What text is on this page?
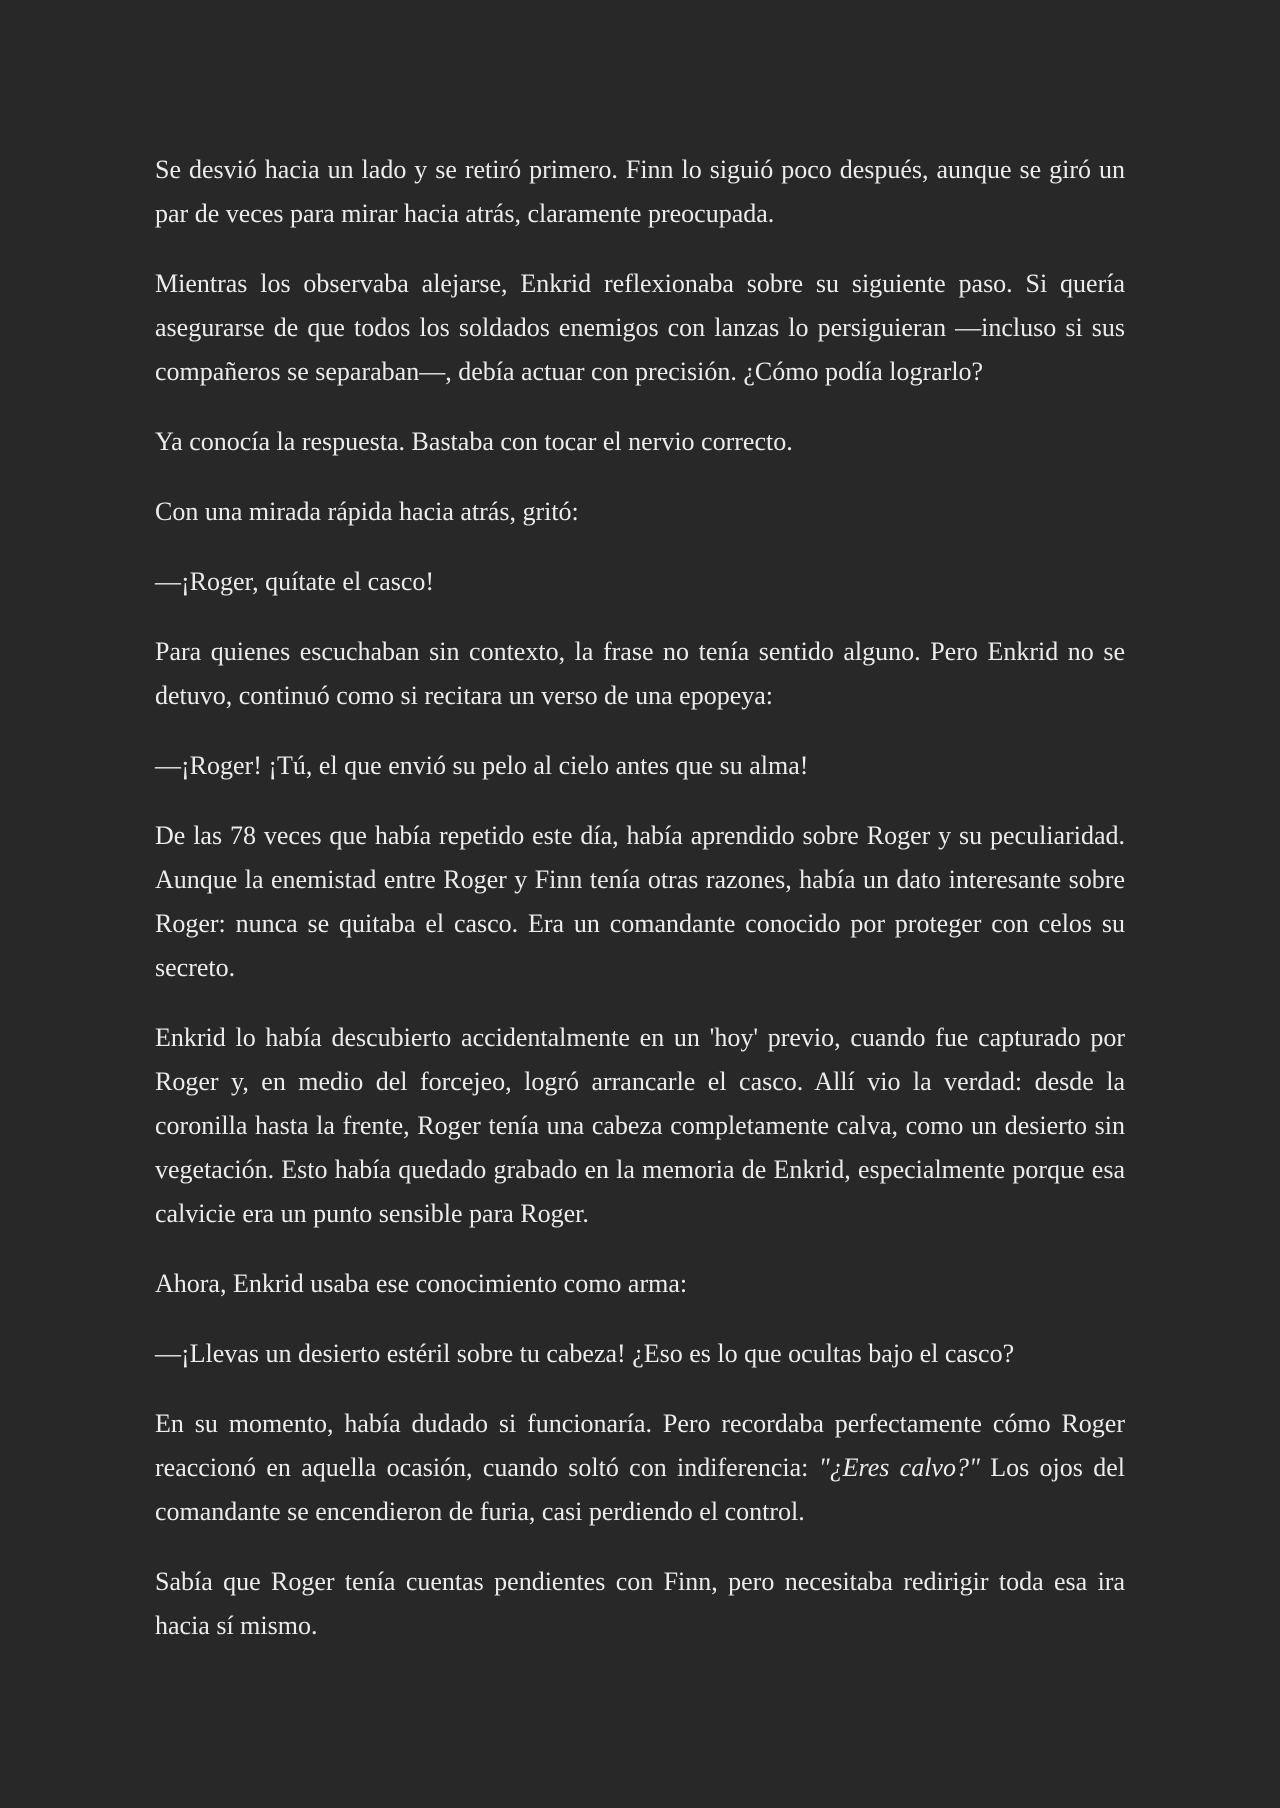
Se desvió hacia un lado y se retiró primero. Finn lo siguió poco después, aunque se giró un par de veces para mirar hacia atrás, claramente preocupada.

Mientras los observaba alejarse, Enkrid reflexionaba sobre su siguiente paso. Si quería asegurarse de que todos los soldados enemigos con lanzas lo persiguieran —incluso si sus compañeros se separaban—, debía actuar con precisión. ¿Cómo podía lograrlo?

Ya conocía la respuesta. Bastaba con tocar el nervio correcto.

Con una mirada rápida hacia atrás, gritó:

—¡Roger, quítate el casco!

Para quienes escuchaban sin contexto, la frase no tenía sentido alguno. Pero Enkrid no se detuvo, continuó como si recitara un verso de una epopeya:

—¡Roger! ¡Tú, el que envió su pelo al cielo antes que su alma!

De las 78 veces que había repetido este día, había aprendido sobre Roger y su peculiaridad. Aunque la enemistad entre Roger y Finn tenía otras razones, había un dato interesante sobre Roger: nunca se quitaba el casco. Era un comandante conocido por proteger con celos su secreto.

Enkrid lo había descubierto accidentalmente en un 'hoy' previo, cuando fue capturado por Roger y, en medio del forcejeo, logró arrancarle el casco. Allí vio la verdad: desde la coronilla hasta la frente, Roger tenía una cabeza completamente calva, como un desierto sin vegetación. Esto había quedado grabado en la memoria de Enkrid, especialmente porque esa calvicie era un punto sensible para Roger.

Ahora, Enkrid usaba ese conocimiento como arma:

—¡Llevas un desierto estéril sobre tu cabeza! ¿Eso es lo que ocultas bajo el casco?

En su momento, había dudado si funcionaría. Pero recordaba perfectamente cómo Roger reaccionó en aquella ocasión, cuando soltó con indiferencia: "¿Eres calvo?" Los ojos del comandante se encendieron de furia, casi perdiendo el control.

Sabía que Roger tenía cuentas pendientes con Finn, pero necesitaba redirigir toda esa ira hacia sí mismo.
